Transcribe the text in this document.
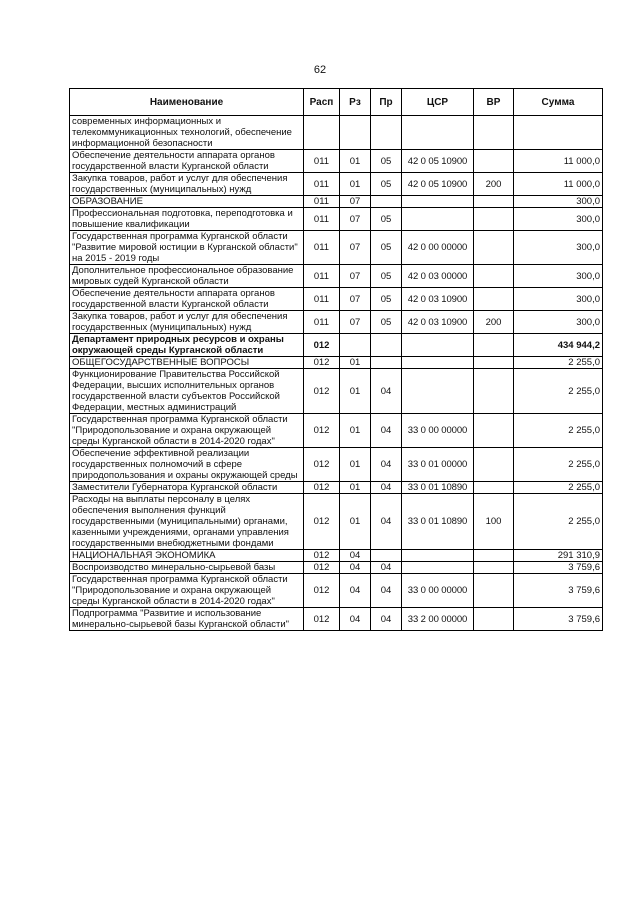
62
Наименование	Расп	Рз	Пр	ЦСР	ВР	Сумма
современных информационных и телекоммуникационных технологий, обеспечение информационной безопасности						
Обеспечение деятельности аппарата органов государственной власти Курганской области	011	01	05	42 0 05 10900		11 000,0
Закупка товаров, работ и услуг для обеспечения государственных (муниципальных) нужд	011	01	05	42 0 05 10900	200	11 000,0
ОБРАЗОВАНИЕ	011	07				300,0
Профессиональная подготовка, переподготовка и повышение квалификации	011	07	05			300,0
Государственная программа Курганской области "Развитие мировой юстиции в Курганской области" на 2015 - 2019 годы	011	07	05	42 0 00 00000		300,0
Дополнительное профессиональное образование мировых судей Курганской области	011	07	05	42 0 03 00000		300,0
Обеспечение деятельности аппарата органов государственной власти Курганской области	011	07	05	42 0 03 10900		300,0
Закупка товаров, работ и услуг для обеспечения государственных (муниципальных) нужд	011	07	05	42 0 03 10900	200	300,0
Департамент природных ресурсов и охраны окружающей среды Курганской области	012					434 944,2
ОБЩЕГОСУДАРСТВЕННЫЕ ВОПРОСЫ	012	01				2 255,0
Функционирование Правительства Российской Федерации, высших исполнительных органов государственной власти субъектов Российской Федерации, местных администраций	012	01	04			2 255,0
Государственная программа Курганской области "Природопользование и охрана окружающей среды Курганской области в 2014-2020 годах"	012	01	04	33 0 00 00000		2 255,0
Обеспечение эффективной реализации государственных полномочий в сфере природопользования и охраны окружающей среды	012	01	04	33 0 01 00000		2 255,0
Заместители Губернатора Курганской области	012	01	04	33 0 01 10890		2 255,0
Расходы на выплаты персоналу в целях обеспечения выполнения функций государственными (муниципальными) органами, казенными учреждениями, органами управления государственными внебюджетными фондами	012	01	04	33 0 01 10890	100	2 255,0
НАЦИОНАЛЬНАЯ ЭКОНОМИКА	012	04				291 310,9
Воспроизводство минерально-сырьевой базы	012	04	04			3 759,6
Государственная программа Курганской области "Природопользование и охрана окружающей среды Курганской области в 2014-2020 годах"	012	04	04	33 0 00 00000		3 759,6
Подпрограмма "Развитие и использование минерально-сырьевой базы Курганской области"	012	04	04	33 2 00 00000		3 759,6
